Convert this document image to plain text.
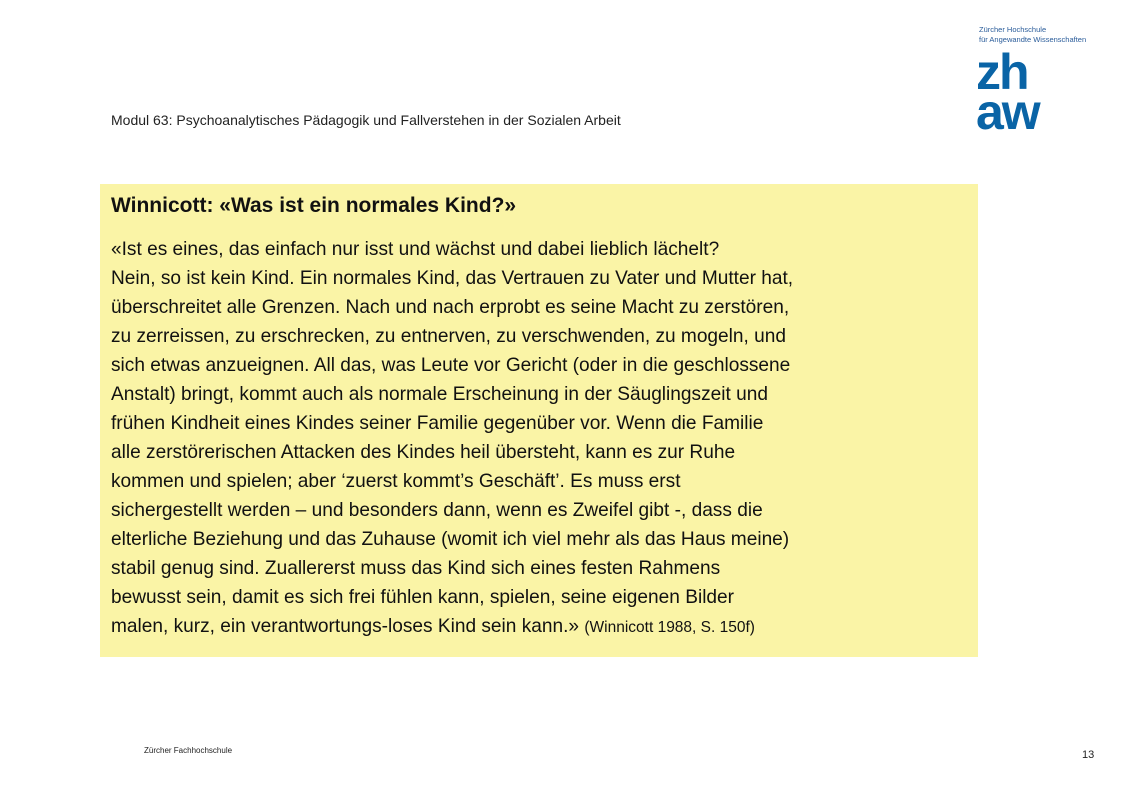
Zürcher Hochschule
für Angewandte Wissenschaften
zh
aw
Modul 63: Psychoanalytisches Pädagogik und Fallverstehen in der Sozialen Arbeit
Winnicott: «Was ist ein normales Kind?»
«Ist es eines, das einfach nur isst und wächst und dabei lieblich lächelt?
Nein, so ist kein Kind. Ein normales Kind, das Vertrauen zu Vater und Mutter hat,
überschreitet alle Grenzen. Nach und nach erprobt es seine Macht zu zerstören,
zu zerreissen, zu erschrecken, zu entnerven, zu verschwenden, zu mogeln, und
sich etwas anzueignen. All das, was Leute vor Gericht (oder in die geschlossene
Anstalt) bringt, kommt auch als normale Erscheinung in der Säuglingszeit und
frühen Kindheit eines Kindes seiner Familie gegenüber vor. Wenn die Familie
alle zerstörerischen Attacken des Kindes heil übersteht, kann es zur Ruhe
kommen und spielen; aber ‘zuerst kommt’s Geschäft’. Es muss erst
sichergestellt werden – und besonders dann, wenn es Zweifel gibt -, dass die
elterliche Beziehung und das Zuhause (womit ich viel mehr als das Haus meine)
stabil genug sind. Zuallererst muss das Kind sich eines festen Rahmens
bewusst sein, damit es sich frei fühlen kann, spielen, seine eigenen Bilder
malen, kurz, ein verantwortungs-loses Kind sein kann.» (Winnicott 1988, S. 150f)
Zürcher Fachhochschule	13
